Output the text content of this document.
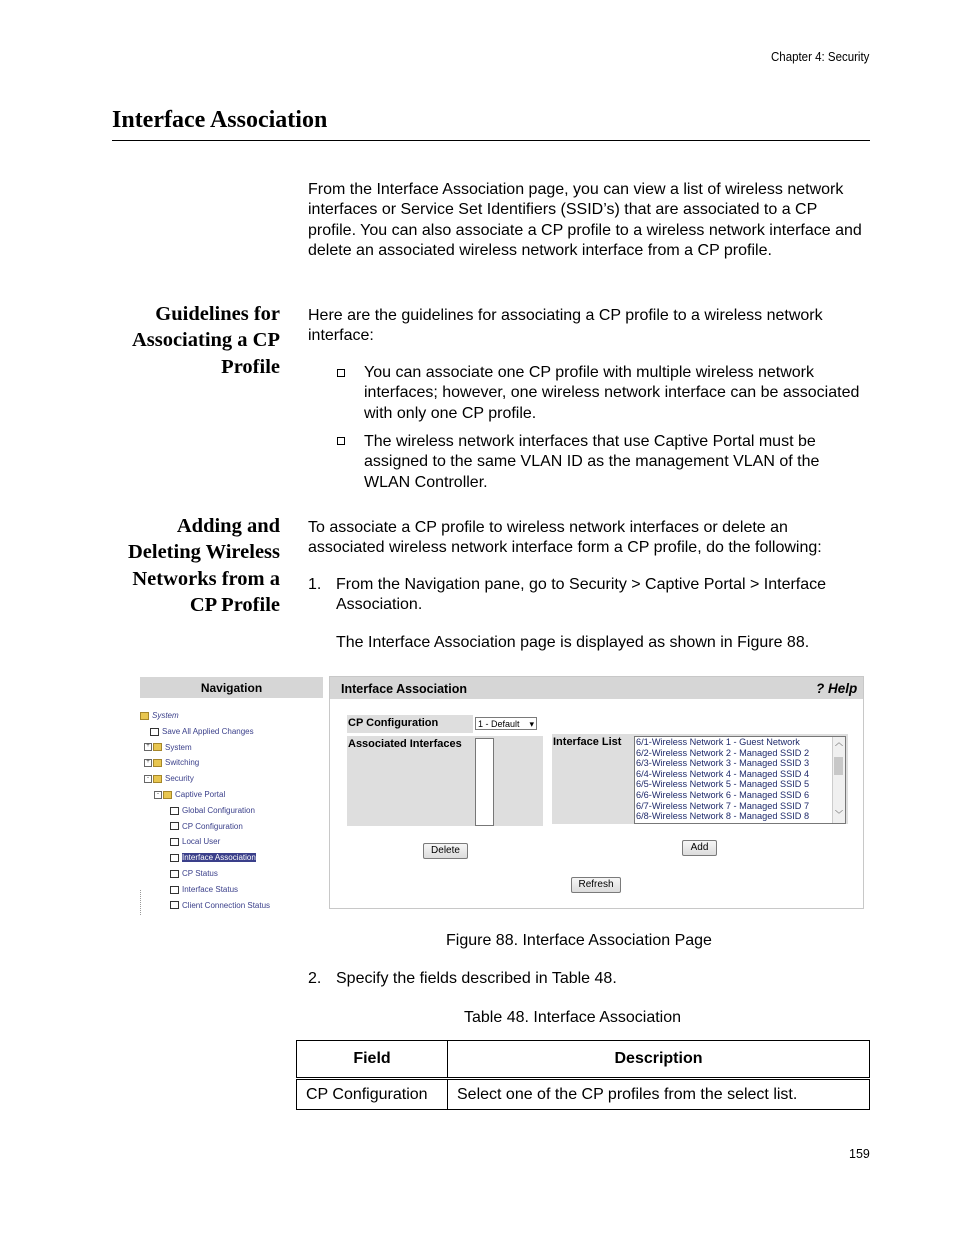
Chapter 4: Security
Interface Association
From the Interface Association page, you can view a list of wireless network interfaces or Service Set Identifiers (SSID’s) that are associated to a CP profile. You can also associate a CP profile to a wireless network interface and delete an associated wireless network interface from a CP profile.
Guidelines for
Associating a CP
Profile
Here are the guidelines for associating a CP profile to a wireless network interface:
You can associate one CP profile with multiple wireless network interfaces; however, one wireless network interface can be associated with only one CP profile.
The wireless network interfaces that use Captive Portal must be assigned to the same VLAN ID as the management VLAN of the WLAN Controller.
Adding and
Deleting Wireless
Networks from a
CP Profile
To associate a CP profile to wireless network interfaces or delete an associated wireless network interface form a CP profile, do the following:
1. From the Navigation pane, go to Security > Captive Portal > Interface Association.
The Interface Association page is displayed as shown in Figure 88.
Navigation
System
Save All Applied Changes
+ System
+ Switching
- Security
- Captive Portal
Global Configuration
CP Configuration
Local User
Interface Association
CP Status
Interface Status
Client Connection Status
Interface Association	? Help
CP Configuration	1 - Default ▾
Associated Interfaces	Interface List 6/1-Wireless Network 1 - Guest Network
6/2-Wireless Network 2 - Managed SSID 2
6/3-Wireless Network 3 - Managed SSID 3
6/4-Wireless Network 4 - Managed SSID 4
6/5-Wireless Network 5 - Managed SSID 5
6/6-Wireless Network 6 - Managed SSID 6
6/7-Wireless Network 7 - Managed SSID 7
6/8-Wireless Network 8 - Managed SSID 8
︿
﹀
Delete	Add
Refresh
Figure 88. Interface Association Page
2. Specify the fields described in Table 48.
Table 48. Interface Association
Field	Description
CP Configuration	Select one of the CP profiles from the select list.
159
